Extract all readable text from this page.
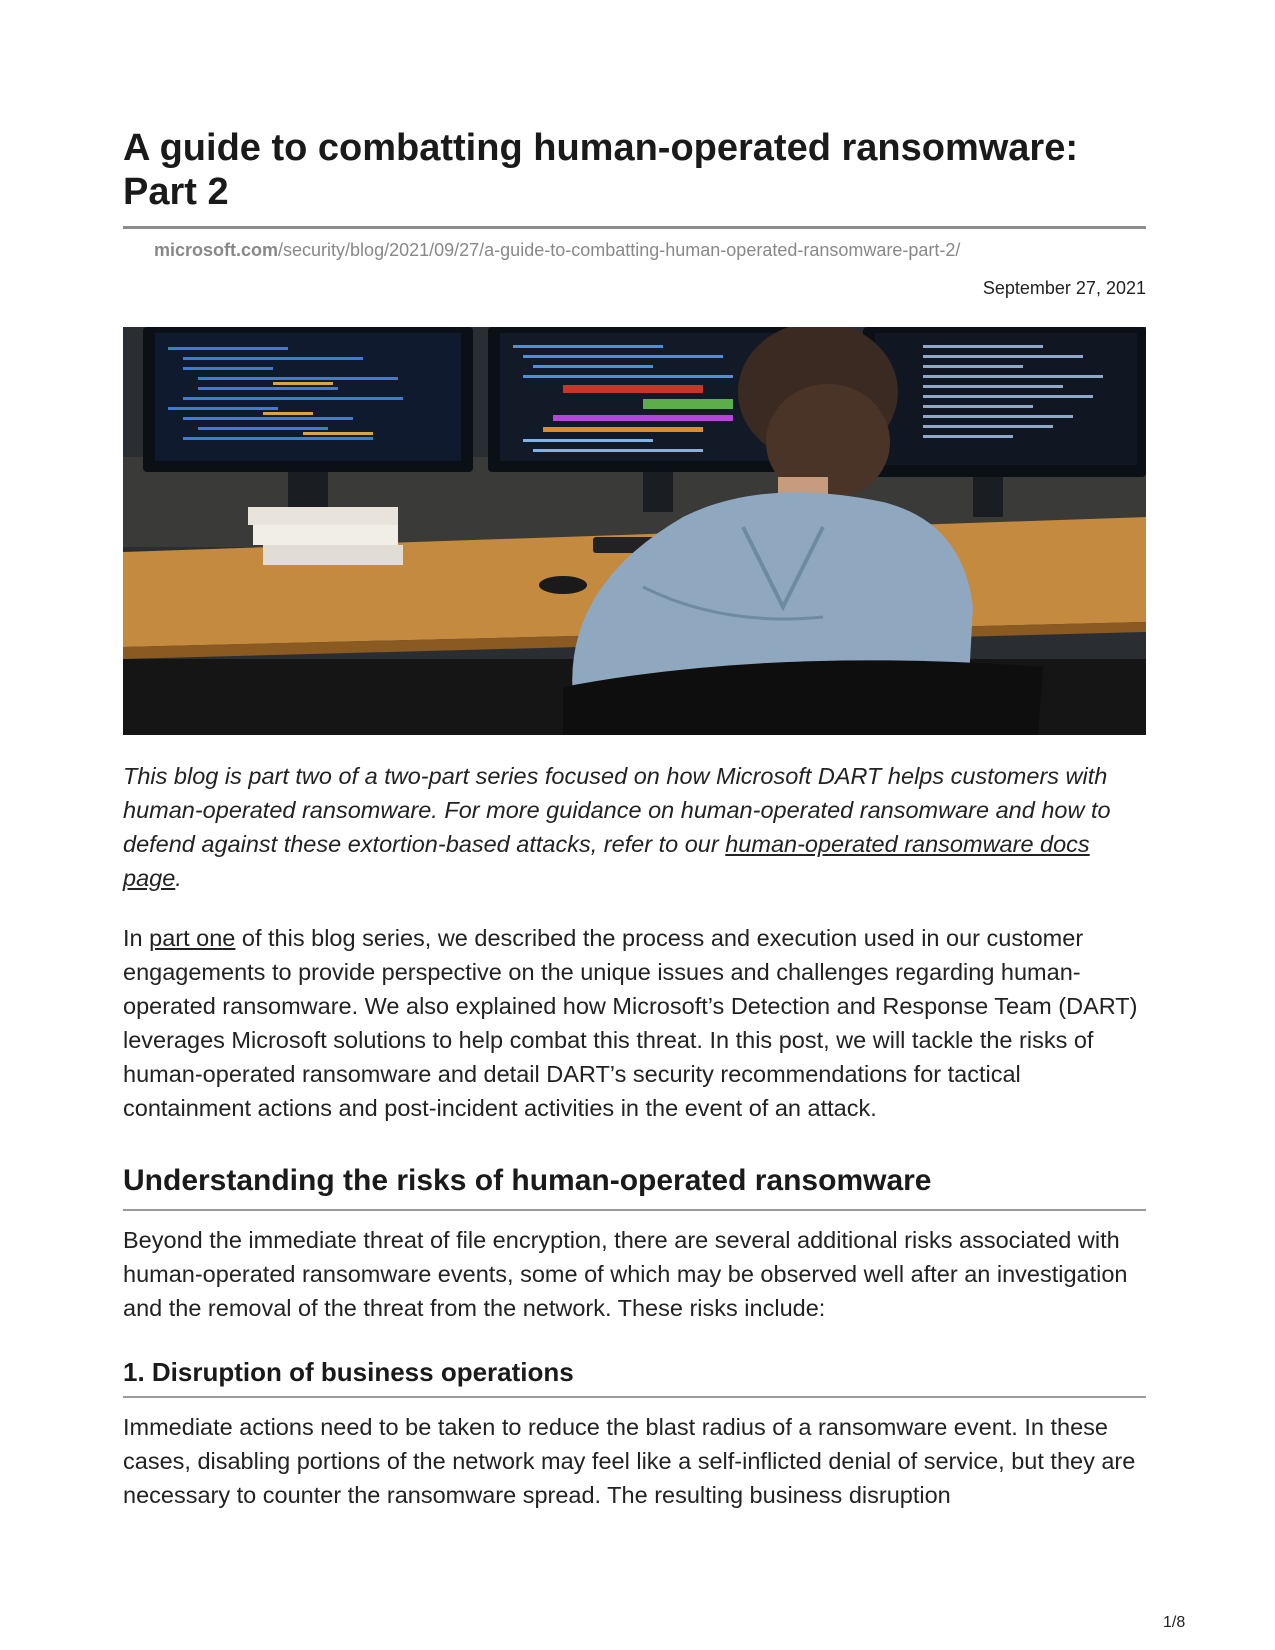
A guide to combatting human-operated ransomware: Part 2
microsoft.com/security/blog/2021/09/27/a-guide-to-combatting-human-operated-ransomware-part-2/
September 27, 2021

This blog is part two of a two-part series focused on how Microsoft DART helps customers with human-operated ransomware. For more guidance on human-operated ransomware and how to defend against these extortion-based attacks, refer to our human-operated ransomware docs page.

In part one of this blog series, we described the process and execution used in our customer engagements to provide perspective on the unique issues and challenges regarding human-operated ransomware. We also explained how Microsoft’s Detection and Response Team (DART) leverages Microsoft solutions to help combat this threat. In this post, we will tackle the risks of human-operated ransomware and detail DART’s security recommendations for tactical containment actions and post-incident activities in the event of an attack.

Understanding the risks of human-operated ransomware

Beyond the immediate threat of file encryption, there are several additional risks associated with human-operated ransomware events, some of which may be observed well after an investigation and the removal of the threat from the network. These risks include:

1. Disruption of business operations

Immediate actions need to be taken to reduce the blast radius of a ransomware event. In these cases, disabling portions of the network may feel like a self-inflicted denial of service, but they are necessary to counter the ransomware spread. The resulting business disruption

1/8
